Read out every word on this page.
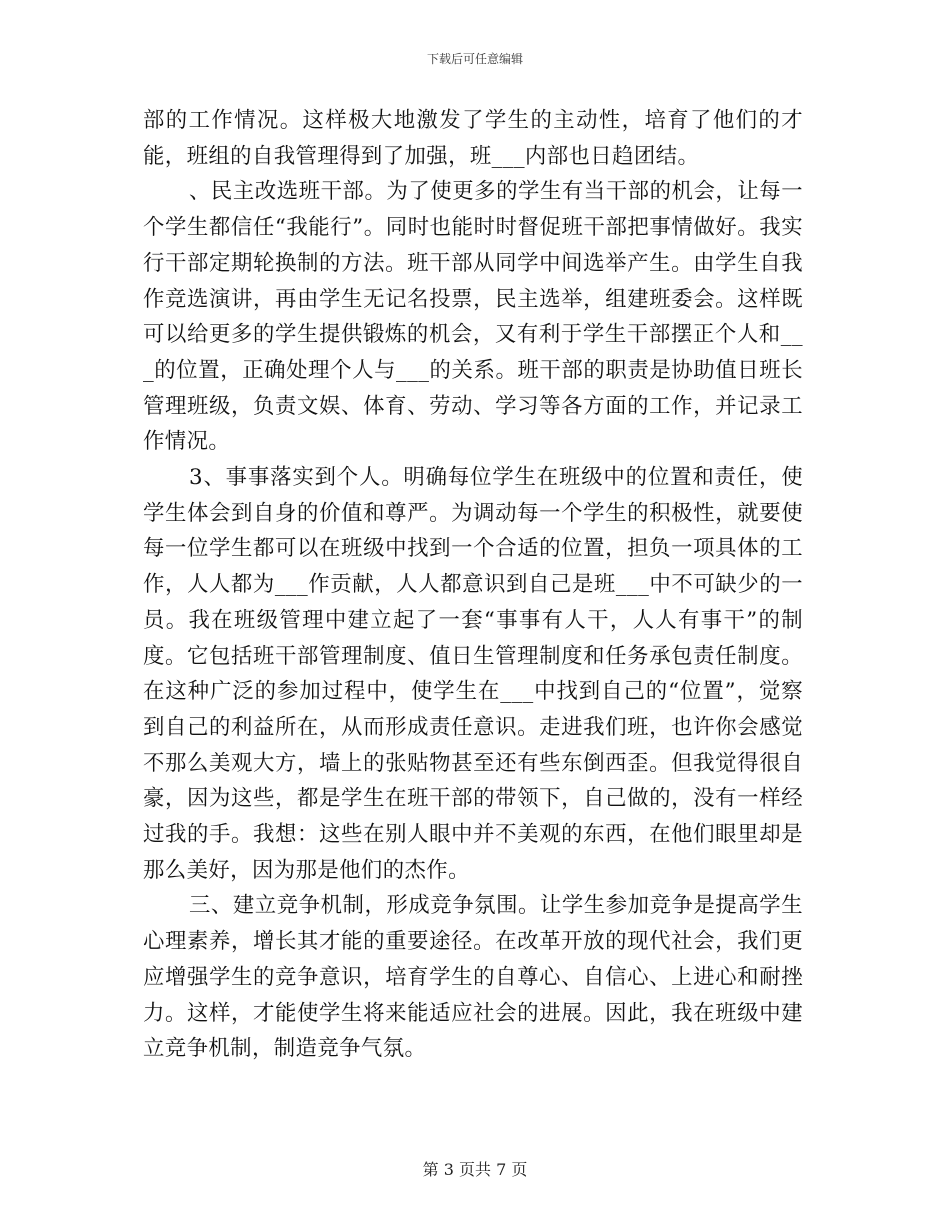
下载后可任意编辑

部的工作情况。这样极大地激发了学生的主动性，培育了他们的才能，班组的自我管理得到了加强，班___内部也日趋团结。

、民主改选班干部。为了使更多的学生有当干部的机会，让每一个学生都信任“我能行”。同时也能时时督促班干部把事情做好。我实行干部定期轮换制的方法。班干部从同学中间选举产生。由学生自我作竞选演讲，再由学生无记名投票，民主选举，组建班委会。这样既可以给更多的学生提供锻炼的机会，又有利于学生干部摆正个人和___的位置，正确处理个人与___的关系。班干部的职责是协助值日班长管理班级，负责文娱、体育、劳动、学习等各方面的工作，并记录工作情况。

3、事事落实到个人。明确每位学生在班级中的位置和责任，使学生体会到自身的价值和尊严。为调动每一个学生的积极性，就要使每一位学生都可以在班级中找到一个合适的位置，担负一项具体的工作，人人都为___作贡献，人人都意识到自己是班___中不可缺少的一员。我在班级管理中建立起了一套“事事有人干，人人有事干”的制度。它包括班干部管理制度、值日生管理制度和任务承包责任制度。在这种广泛的参加过程中，使学生在___中找到自己的“位置”，觉察到自己的利益所在，从而形成责任意识。走进我们班，也许你会感觉不那么美观大方，墙上的张贴物甚至还有些东倒西歪。但我觉得很自豪，因为这些，都是学生在班干部的带领下，自己做的，没有一样经过我的手。我想：这些在别人眼中并不美观的东西，在他们眼里却是那么美好，因为那是他们的杰作。

三、建立竞争机制，形成竞争氛围。让学生参加竞争是提高学生心理素养，增长其才能的重要途径。在改革开放的现代社会，我们更应增强学生的竞争意识，培育学生的自尊心、自信心、上进心和耐挫力。这样，才能使学生将来能适应社会的进展。因此，我在班级中建立竞争机制，制造竞争气氛。

第 3 页共 7 页
